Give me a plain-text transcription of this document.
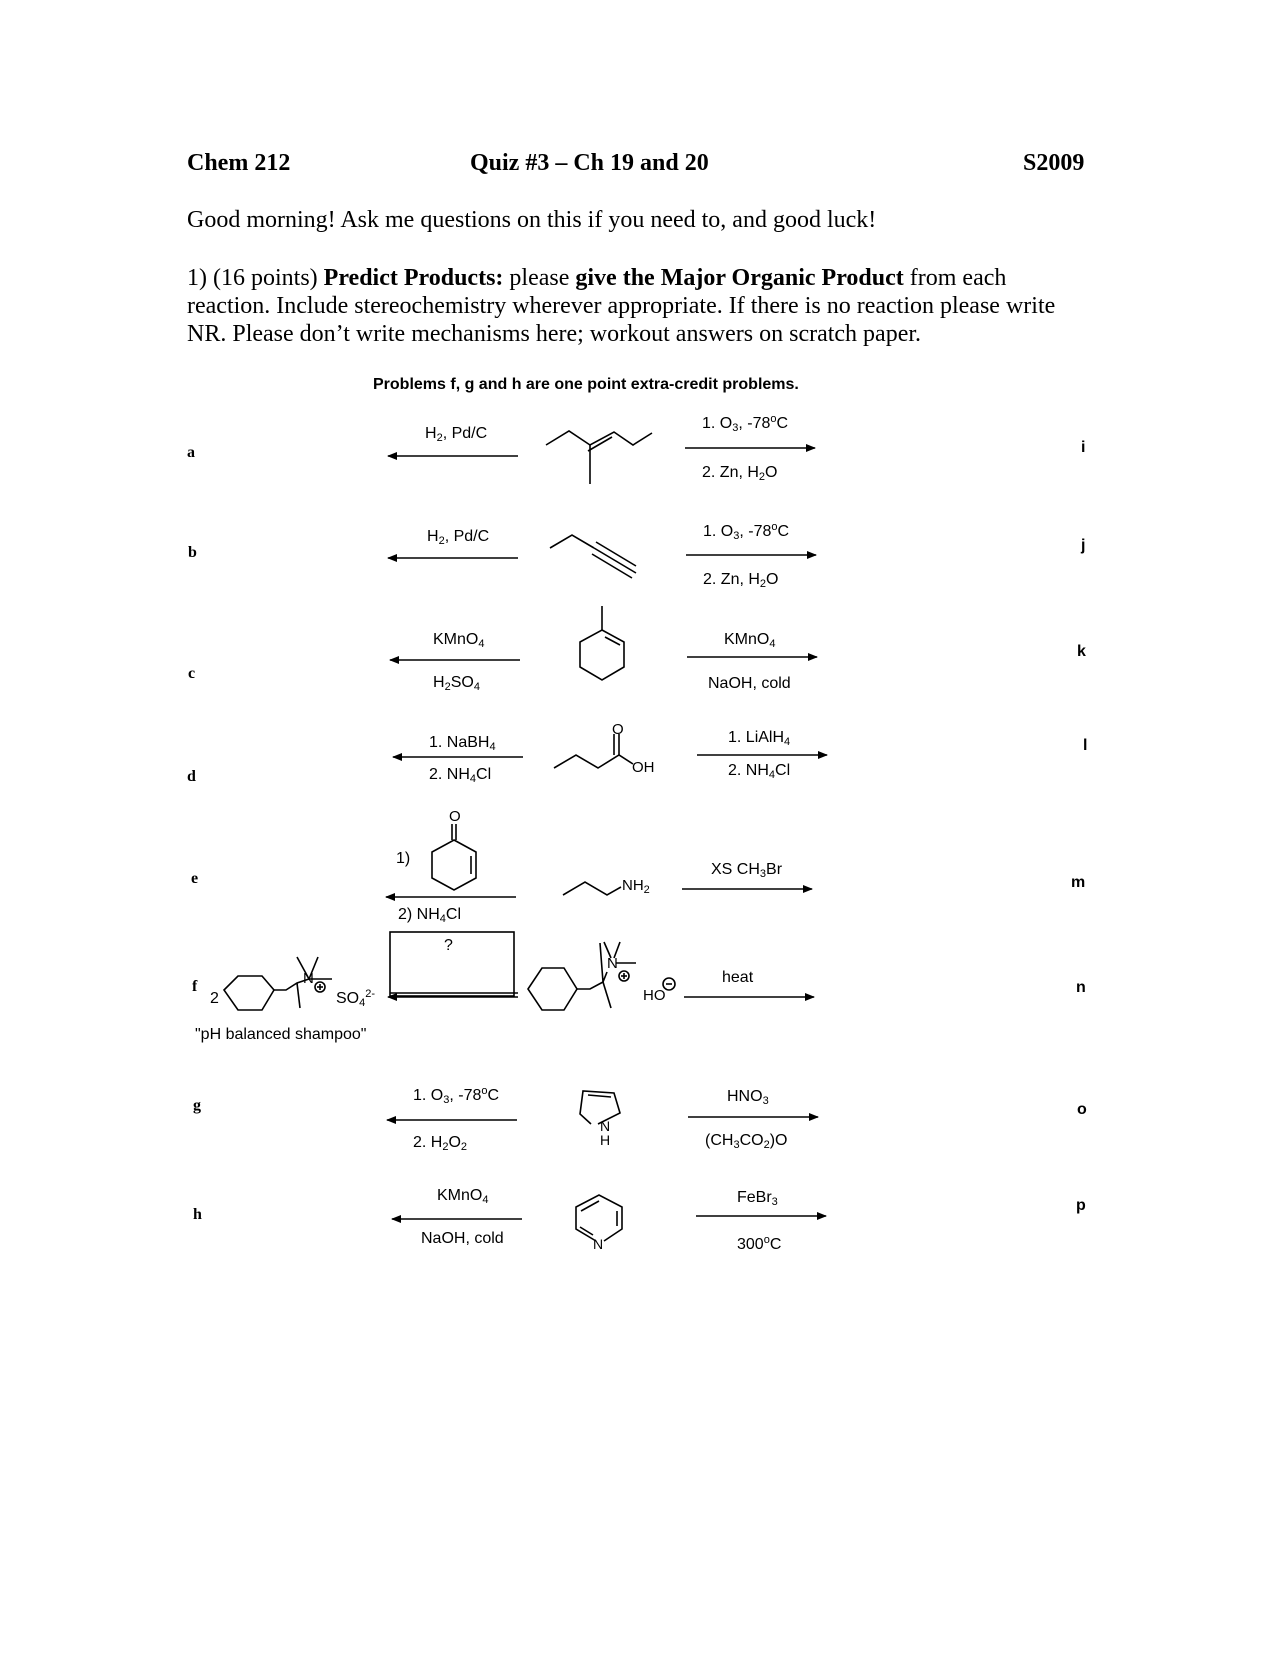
Chem 212	Quiz #3 – Ch 19 and 20	S2009
Good morning! Ask me questions on this if you need to, and good luck!
1) (16 points) Predict Products: please give the Major Organic Product from each reaction. Include stereochemistry wherever appropriate. If there is no reaction please write NR. Please don’t write mechanisms here; workout answers on scratch paper.
Problems f, g and h are one point extra-credit problems.
a
b
c
d
e
f
g
h
i
j
k
l
m
n
o
p
$H_2$, Pd/C
1. $O_3$, -78$^o$C
2. Zn, $H_2O$
$H_2$, Pd/C	1. $O_3$, -78$^o$C
2. Zn, $H_2O$
KMnO$_4$
$H_2SO_4$
KMnO$_4$
NaOH, cold
1. NaBH$_4$
2. $NH_4Cl$
1. LiAlH$_4$
2. $NH_4Cl$
1)
2) $NH_4Cl$
XS $CH_3Br$
?
2	$SO_4^{2-}$
"pH balanced shampoo"
heat
1. $O_3$, -78$^o$C
2. $H_2O_2$
$HNO_3$
$(CH_3CO_2)O$
KMnO$_4$
NaOH, cold
FeBr$_3$
300$^o$C
O
OH
O
$NH_2$
N
N
HO
N
H
N
